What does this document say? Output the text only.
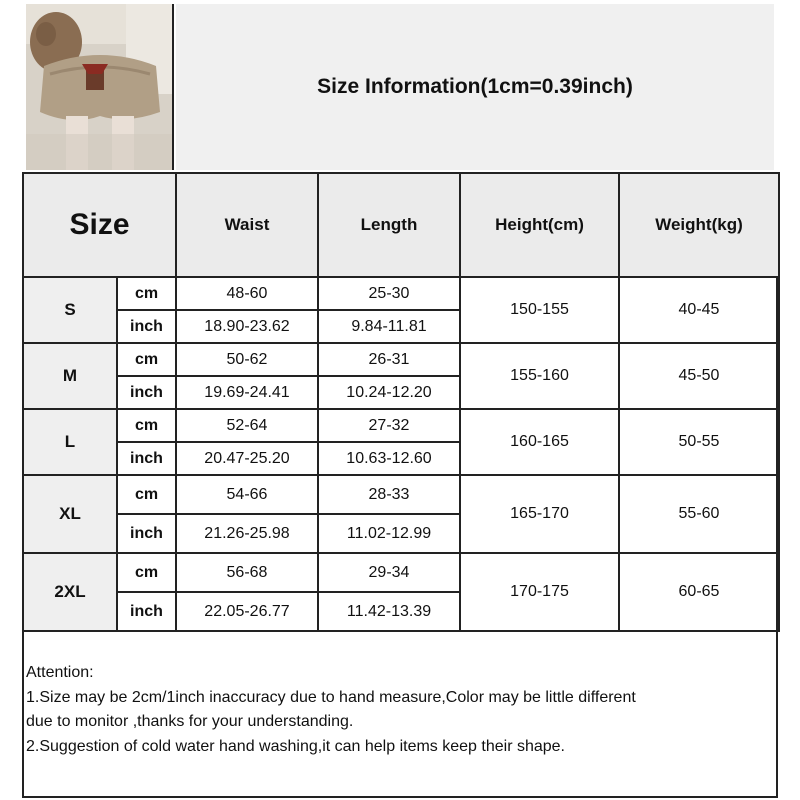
Size Information(1cm=0.39inch)
Size		Waist	Length	Height(cm)	Weight(kg)
S	cm	48-60	25-30	150-155	40-45
	inch	18.90-23.62	9.84-11.81		
M	cm	50-62	26-31	155-160	45-50
	inch	19.69-24.41	10.24-12.20		
L	cm	52-64	27-32	160-165	50-55
	inch	20.47-25.20	10.63-12.60		
XL	cm	54-66	28-33	165-170	55-60
	inch	21.26-25.98	11.02-12.99		
2XL	cm	56-68	29-34	170-175	60-65
	inch	22.05-26.77	11.42-13.39		
Attention:
1.Size may be 2cm/1inch inaccuracy due to hand measure,Color may be little different
due to monitor ,thanks for your understanding.
2.Suggestion of cold water hand washing,it can help items keep their shape.
